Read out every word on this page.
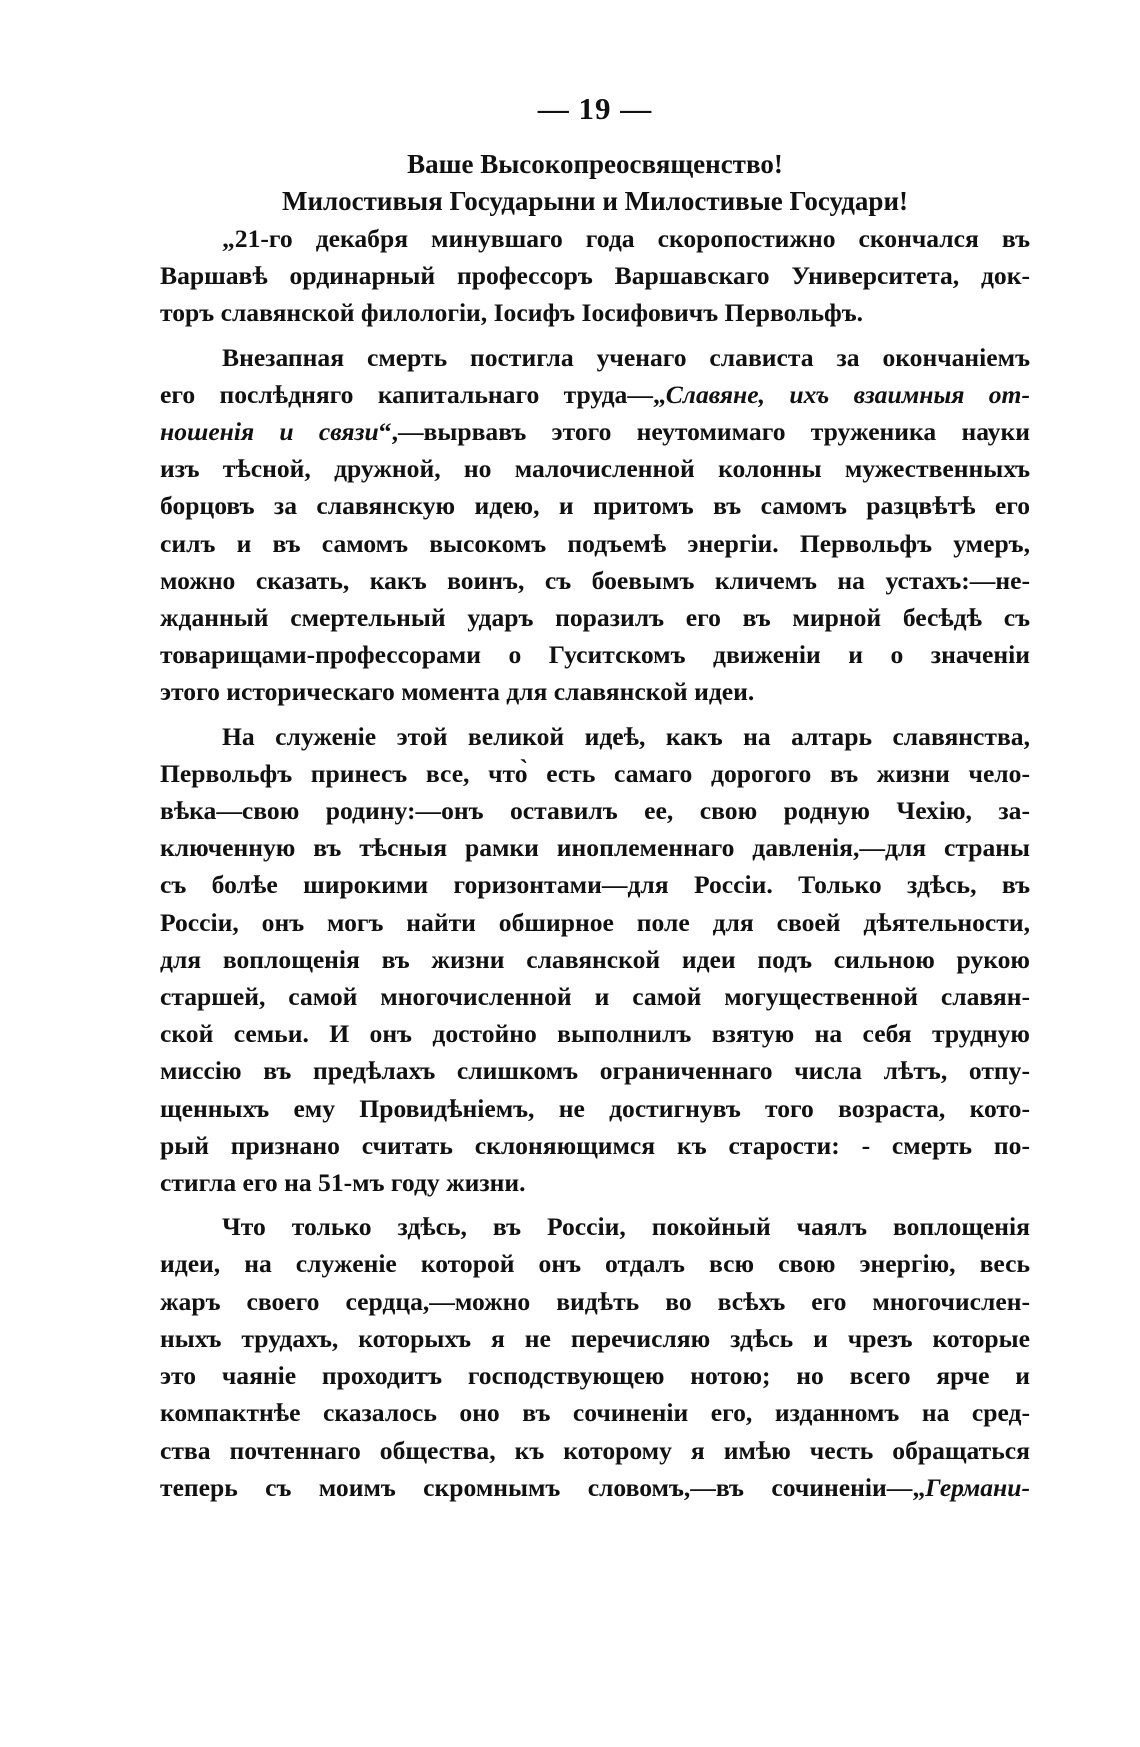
— 19 —
Ваше Высокопреосвященство!
Милостивыя Государыни и Милостивые Государи!
„21-го декабря минувшаго года скоропостижно скончался въ
Варшавѣ ординарный профессоръ Варшавскаго Университета, док-
торъ славянской филологіи, Іосифъ Іосифовичъ Первольфъ.
Внезапная смерть постигла ученаго слависта за окончаніемъ
его послѣдняго капитальнаго труда—„Славяне, ихъ взаимныя от-
ношенія и связи“,—вырвавъ этого неутомимаго труженика науки
изъ тѣсной, дружной, но малочисленной колонны мужественныхъ
борцовъ за славянскую идею, и притомъ въ самомъ разцвѣтѣ его
силъ и въ самомъ высокомъ подъемѣ энергіи. Первольфъ умеръ,
можно сказать, какъ воинъ, съ боевымъ кличемъ на устахъ:—не-
жданный смертельный ударъ поразилъ его въ мирной бесѣдѣ съ
товарищами-профессорами о Гуситскомъ движеніи и о значеніи
этого историческаго момента для славянской идеи.
На служеніе этой великой идеѣ, какъ на алтарь славянства,
Первольфъ принесъ все, что̀ есть самаго дорогого въ жизни чело-
вѣка—свою родину:—онъ оставилъ ее, свою родную Чехію, за-
ключенную въ тѣсныя рамки иноплеменнаго давленія,—для страны
съ болѣе широкими горизонтами—для Россіи. Только здѣсь, въ
Россіи, онъ могъ найти обширное поле для своей дѣятельности,
для воплощенія въ жизни славянской идеи подъ сильною рукою
старшей, самой многочисленной и самой могущественной славян-
ской семьи. И онъ достойно выполнилъ взятую на себя трудную
миссію въ предѣлахъ слишкомъ ограниченнаго числа лѣтъ, отпу-
щенныхъ ему Провидѣніемъ, не достигнувъ того возраста, кото-
рый признано считать склоняющимся къ старости: - смерть по-
стигла его на 51-мъ году жизни.
Что только здѣсь, въ Россіи, покойный чаялъ воплощенія
идеи, на служеніе которой онъ отдалъ всю свою энергію, весь
жаръ своего сердца,—можно видѣть во всѣхъ его многочислен-
ныхъ трудахъ, которыхъ я не перечисляю здѣсь и чрезъ которые
это чаяніе проходитъ господствующею нотою; но всего ярче и
компактнѣе сказалось оно въ сочиненіи его, изданномъ на сред-
ства почтеннаго общества, къ которому я имѣю честь обращаться
теперь съ моимъ скромнымъ словомъ,—въ сочиненіи—„Германи-
